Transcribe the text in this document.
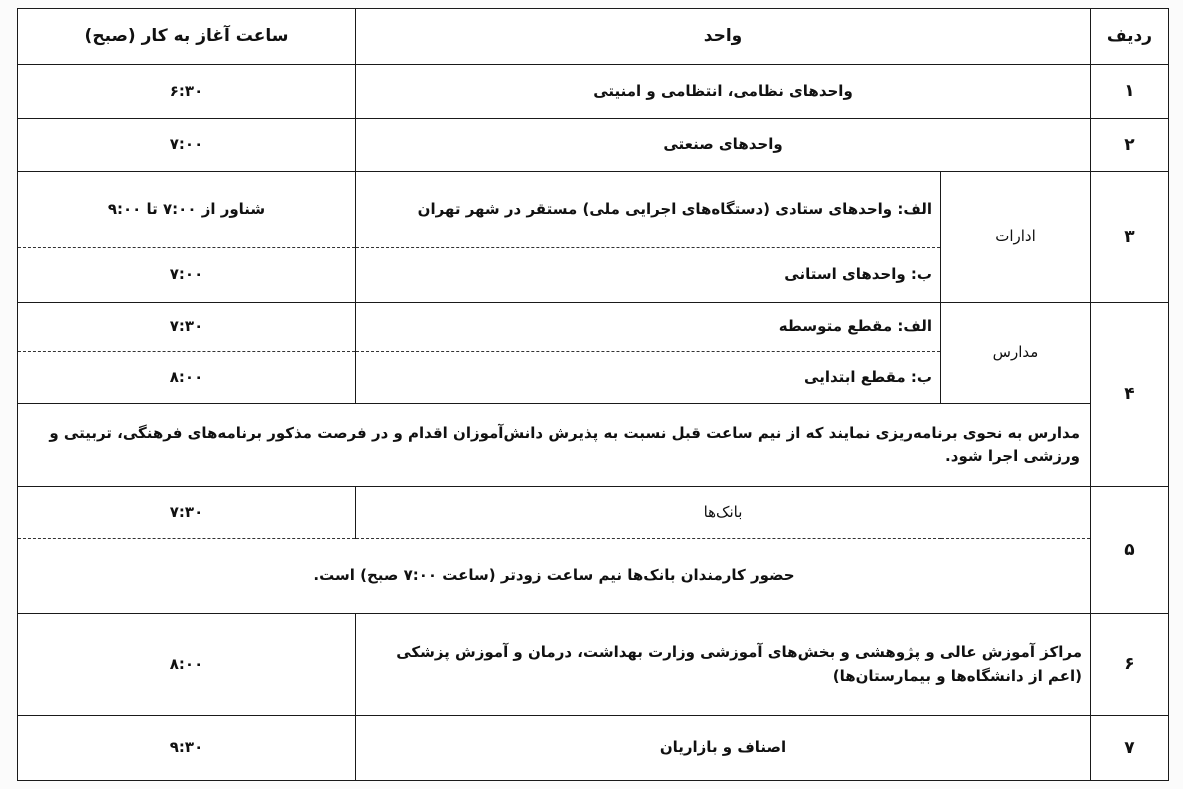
ردیف	واحد		ساعت آغاز به کار (صبح)
۱	واحدهای نظامی، انتظامی و امنیتی		۶:۳۰
۲	واحدهای صنعتی		۷:۰۰
۳	ادارات	الف: واحدهای ستادی (دستگاه‌های اجرایی ملی) مستقر در شهر تهران	شناور از ۷:۰۰ تا ۹:۰۰
		ب: واحدهای استانی	۷:۰۰
۴	مدارس	الف: مقطع متوسطه	۷:۳۰
		ب: مقطع ابتدایی	۸:۰۰
	مدارس به نحوی برنامه‌ریزی نمایند که از نیم ساعت قبل نسبت به پذیرش دانش‌آموزان اقدام و در فرصت مذکور برنامه‌های فرهنگی، تربیتی و ورزشی اجرا شود.		
۵	بانک‌ها		۷:۳۰
	حضور کارمندان بانک‌ها نیم ساعت زودتر (ساعت ۷:۰۰ صبح) است.		
۶	مراکز آموزش عالی و پژوهشی و بخش‌های آموزشی وزارت بهداشت، درمان و آموزش پزشکی (اعم از دانشگاه‌ها و بیمارستان‌ها)		۸:۰۰
۷	اصناف و بازاریان		۹:۳۰
